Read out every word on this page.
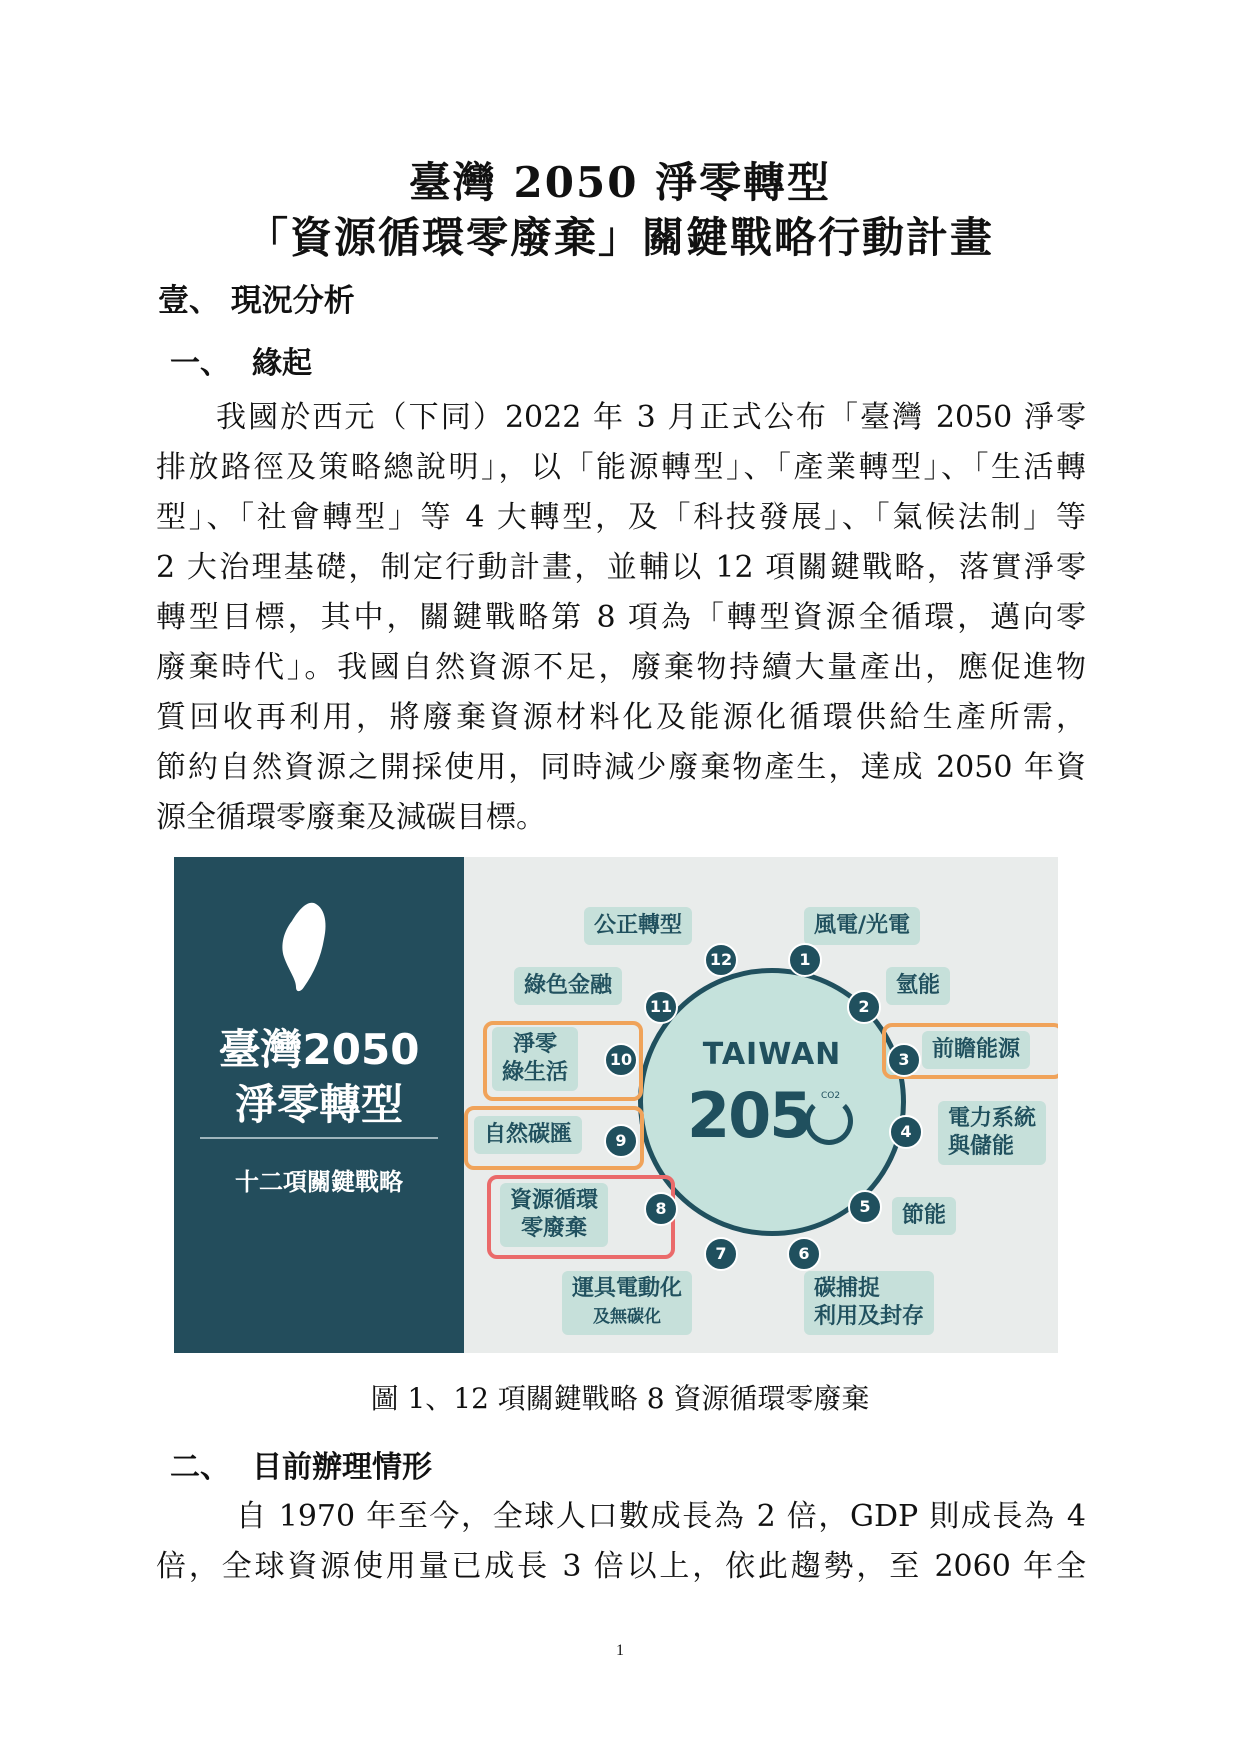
臺灣 2050 淨零轉型
「資源循環零廢棄」關鍵戰略行動計畫
壹、 現況分析
一、 緣起
我國於西元（下同）2022 年 3 月正式公布「臺灣 2050 淨零
排放路徑及策略總說明」，以「能源轉型」、「產業轉型」、「生活轉
型」、「社會轉型」等 4 大轉型，及「科技發展」、「氣候法制」等
2 大治理基礎，制定行動計畫，並輔以 12 項關鍵戰略，落實淨零
轉型目標，其中，關鍵戰略第 8 項為「轉型資源全循環，邁向零
廢棄時代」。我國自然資源不足，廢棄物持續大量產出，應促進物
質回收再利用，將廢棄資源材料化及能源化循環供給生產所需，
節約自然資源之開採使用，同時減少廢棄物產生，達成 2050 年資
源全循環零廢棄及減碳目標。
臺灣2050
淨零轉型
十二項關鍵戰略
TAIWAN
205 CO2
公正轉型	風電/光電
綠色金融	氫能
淨零
綠生活
前瞻能源
自然碳匯
電力系統
與儲能
資源循環
零廢棄
節能
運具電動化
及無碳化
碳捕捉
利用及封存
12	1
11	2
10	3
9	4
8	5
7	6
圖 1、12 項關鍵戰略 8 資源循環零廢棄
二、 目前辦理情形
自 1970 年至今，全球人口數成長為 2 倍，GDP 則成長為 4
倍，全球資源使用量已成長 3 倍以上，依此趨勢，至 2060 年全
1
